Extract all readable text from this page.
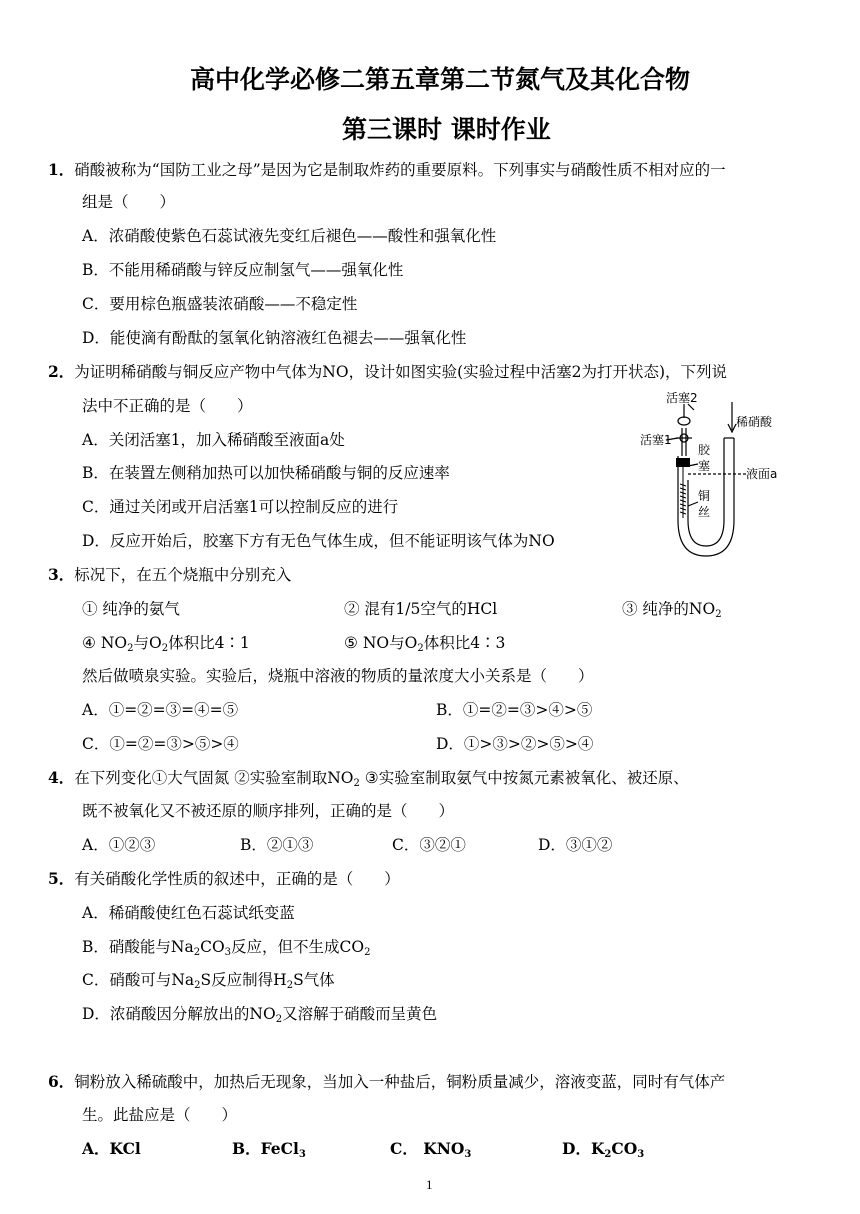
高中化学必修二第五章第二节氮气及其化合物
第三课时 课时作业
1．硝酸被称为“国防工业之母”是因为它是制取炸药的重要原料。下列事实与硝酸性质不相对应的一
组是（　　）
A．浓硝酸使紫色石蕊试液先变红后褪色——酸性和强氧化性
B．不能用稀硝酸与锌反应制氢气——强氧化性
C．要用棕色瓶盛装浓硝酸——不稳定性
D．能使滴有酚酞的氢氧化钠溶液红色褪去——强氧化性
2．为证明稀硝酸与铜反应产物中气体为NO，设计如图实验(实验过程中活塞2为打开状态)，下列说
法中不正确的是（　　）
A．关闭活塞1，加入稀硝酸至液面a处
B．在装置左侧稍加热可以加快稀硝酸与铜的反应速率
C．通过关闭或开启活塞1可以控制反应的进行
D．反应开始后，胶塞下方有无色气体生成，但不能证明该气体为NO
活塞2
活塞1
稀硝酸
胶
塞
液面a
铜
丝
3．标况下，在五个烧瓶中分别充入
① 纯净的氨气	② 混有1/5空气的HCl	③ 纯净的$NO_2$
④ $NO_2$与$O_2$体积比4∶1	⑤ NO与$O_2$体积比4∶3
然后做喷泉实验。实验后，烧瓶中溶液的物质的量浓度大小关系是（　　）
A．①=②=③=④=⑤	B．①=②=③>④>⑤
C．①=②=③>⑤>④	D．①>③>②>⑤>④
4．在下列变化①大气固氮 ②实验室制取$NO_2$ ③实验室制取氨气中按氮元素被氧化、被还原、
既不被氧化又不被还原的顺序排列，正确的是（　　）
A．①②③	B．②①③	C．③②①	D．③①②
5．有关硝酸化学性质的叙述中，正确的是（　　）
A．稀硝酸使红色石蕊试纸变蓝
B．硝酸能与$Na_2CO_3$反应，但不生成$CO_2$
C．硝酸可与$Na_2S$反应制得$H_2S$气体
D．浓硝酸因分解放出的$NO_2$又溶解于硝酸而呈黄色
6．铜粉放入稀硫酸中，加热后无现象，当加入一种盐后，铜粉质量减少，溶液变蓝，同时有气体产
生。此盐应是（　　）
A．KCl	B．FeCl$_3$	C． $KNO_3$	D．$K_2CO_3$
1
